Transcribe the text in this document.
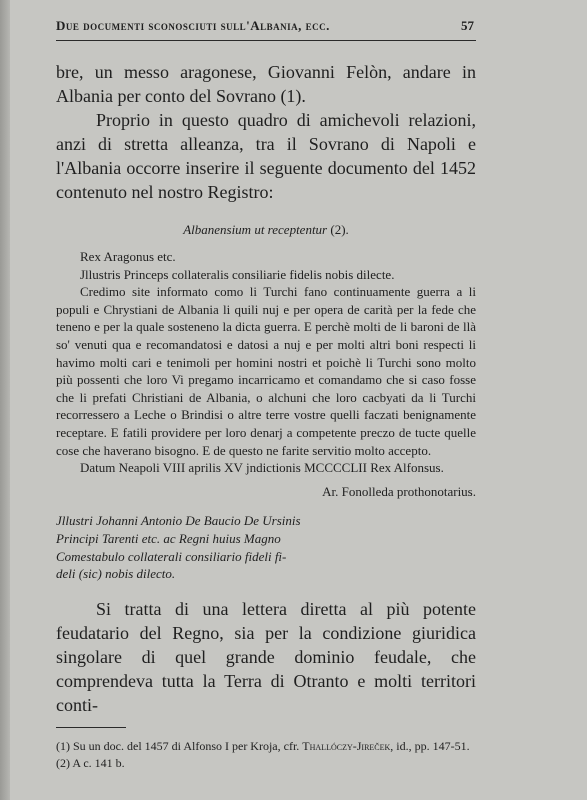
Due documenti sconosciuti sull'Albania, ecc.	57

bre, un messo aragonese, Giovanni Felòn, andare in Albania per conto del Sovrano (1).

Proprio in questo quadro di amichevoli relazioni, anzi di stretta alleanza, tra il Sovrano di Napoli e l'Albania occorre inserire il seguente documento del 1452 contenuto nel nostro Registro:

Albanensium ut receptentur (2).

Rex Aragonus etc.

Jllustris Princeps collateralis consiliarie fidelis nobis dilecte.

Credimo site informato como li Turchi fano continuamente guerra a li populi e Chrystiani de Albania li quili nuj e per opera de carità per la fede che teneno e per la quale sosteneno la dicta guerra. E perchè molti de li baroni de llà so' venuti qua e recomandatosi e datosi a nuj e per molti altri boni respecti li havimo molti cari e tenimoli per homini nostri et poichè li Turchi sono molto più possenti che loro Vi pregamo incarricamo et comandamo che si caso fosse che li prefati Christiani de Albania, o alchuni che loro cacbyati da li Turchi recorressero a Leche o Brindisi o altre terre vostre quelli faczati benignamente receptare. E fatili providere per loro denarj a competente preczo de tucte quelle cose che haverano bisogno. E de questo ne farite servitio molto accepto.

Datum Neapoli VIII aprilis XV jndictionis MCCCCLII Rex Alfonsus.

Ar. Fonolleda prothonotarius.

Jllustri Johanni Antonio De Baucio De Ursinis

Principi Tarenti etc. ac Regni huius Magno

Comestabulo collaterali consiliario fideli fi-

deli (sic) nobis dilecto.

Si tratta di una lettera diretta al più potente feudatario del Regno, sia per la condizione giuridica singolare di quel grande dominio feudale, che comprendeva tutta la Terra di Otranto e molti territori conti-

(1) Su un doc. del 1457 di Alfonso I per Kroja, cfr. Thallóczy-Jireček, id., pp. 147-51.

(2) A c. 141 b.
